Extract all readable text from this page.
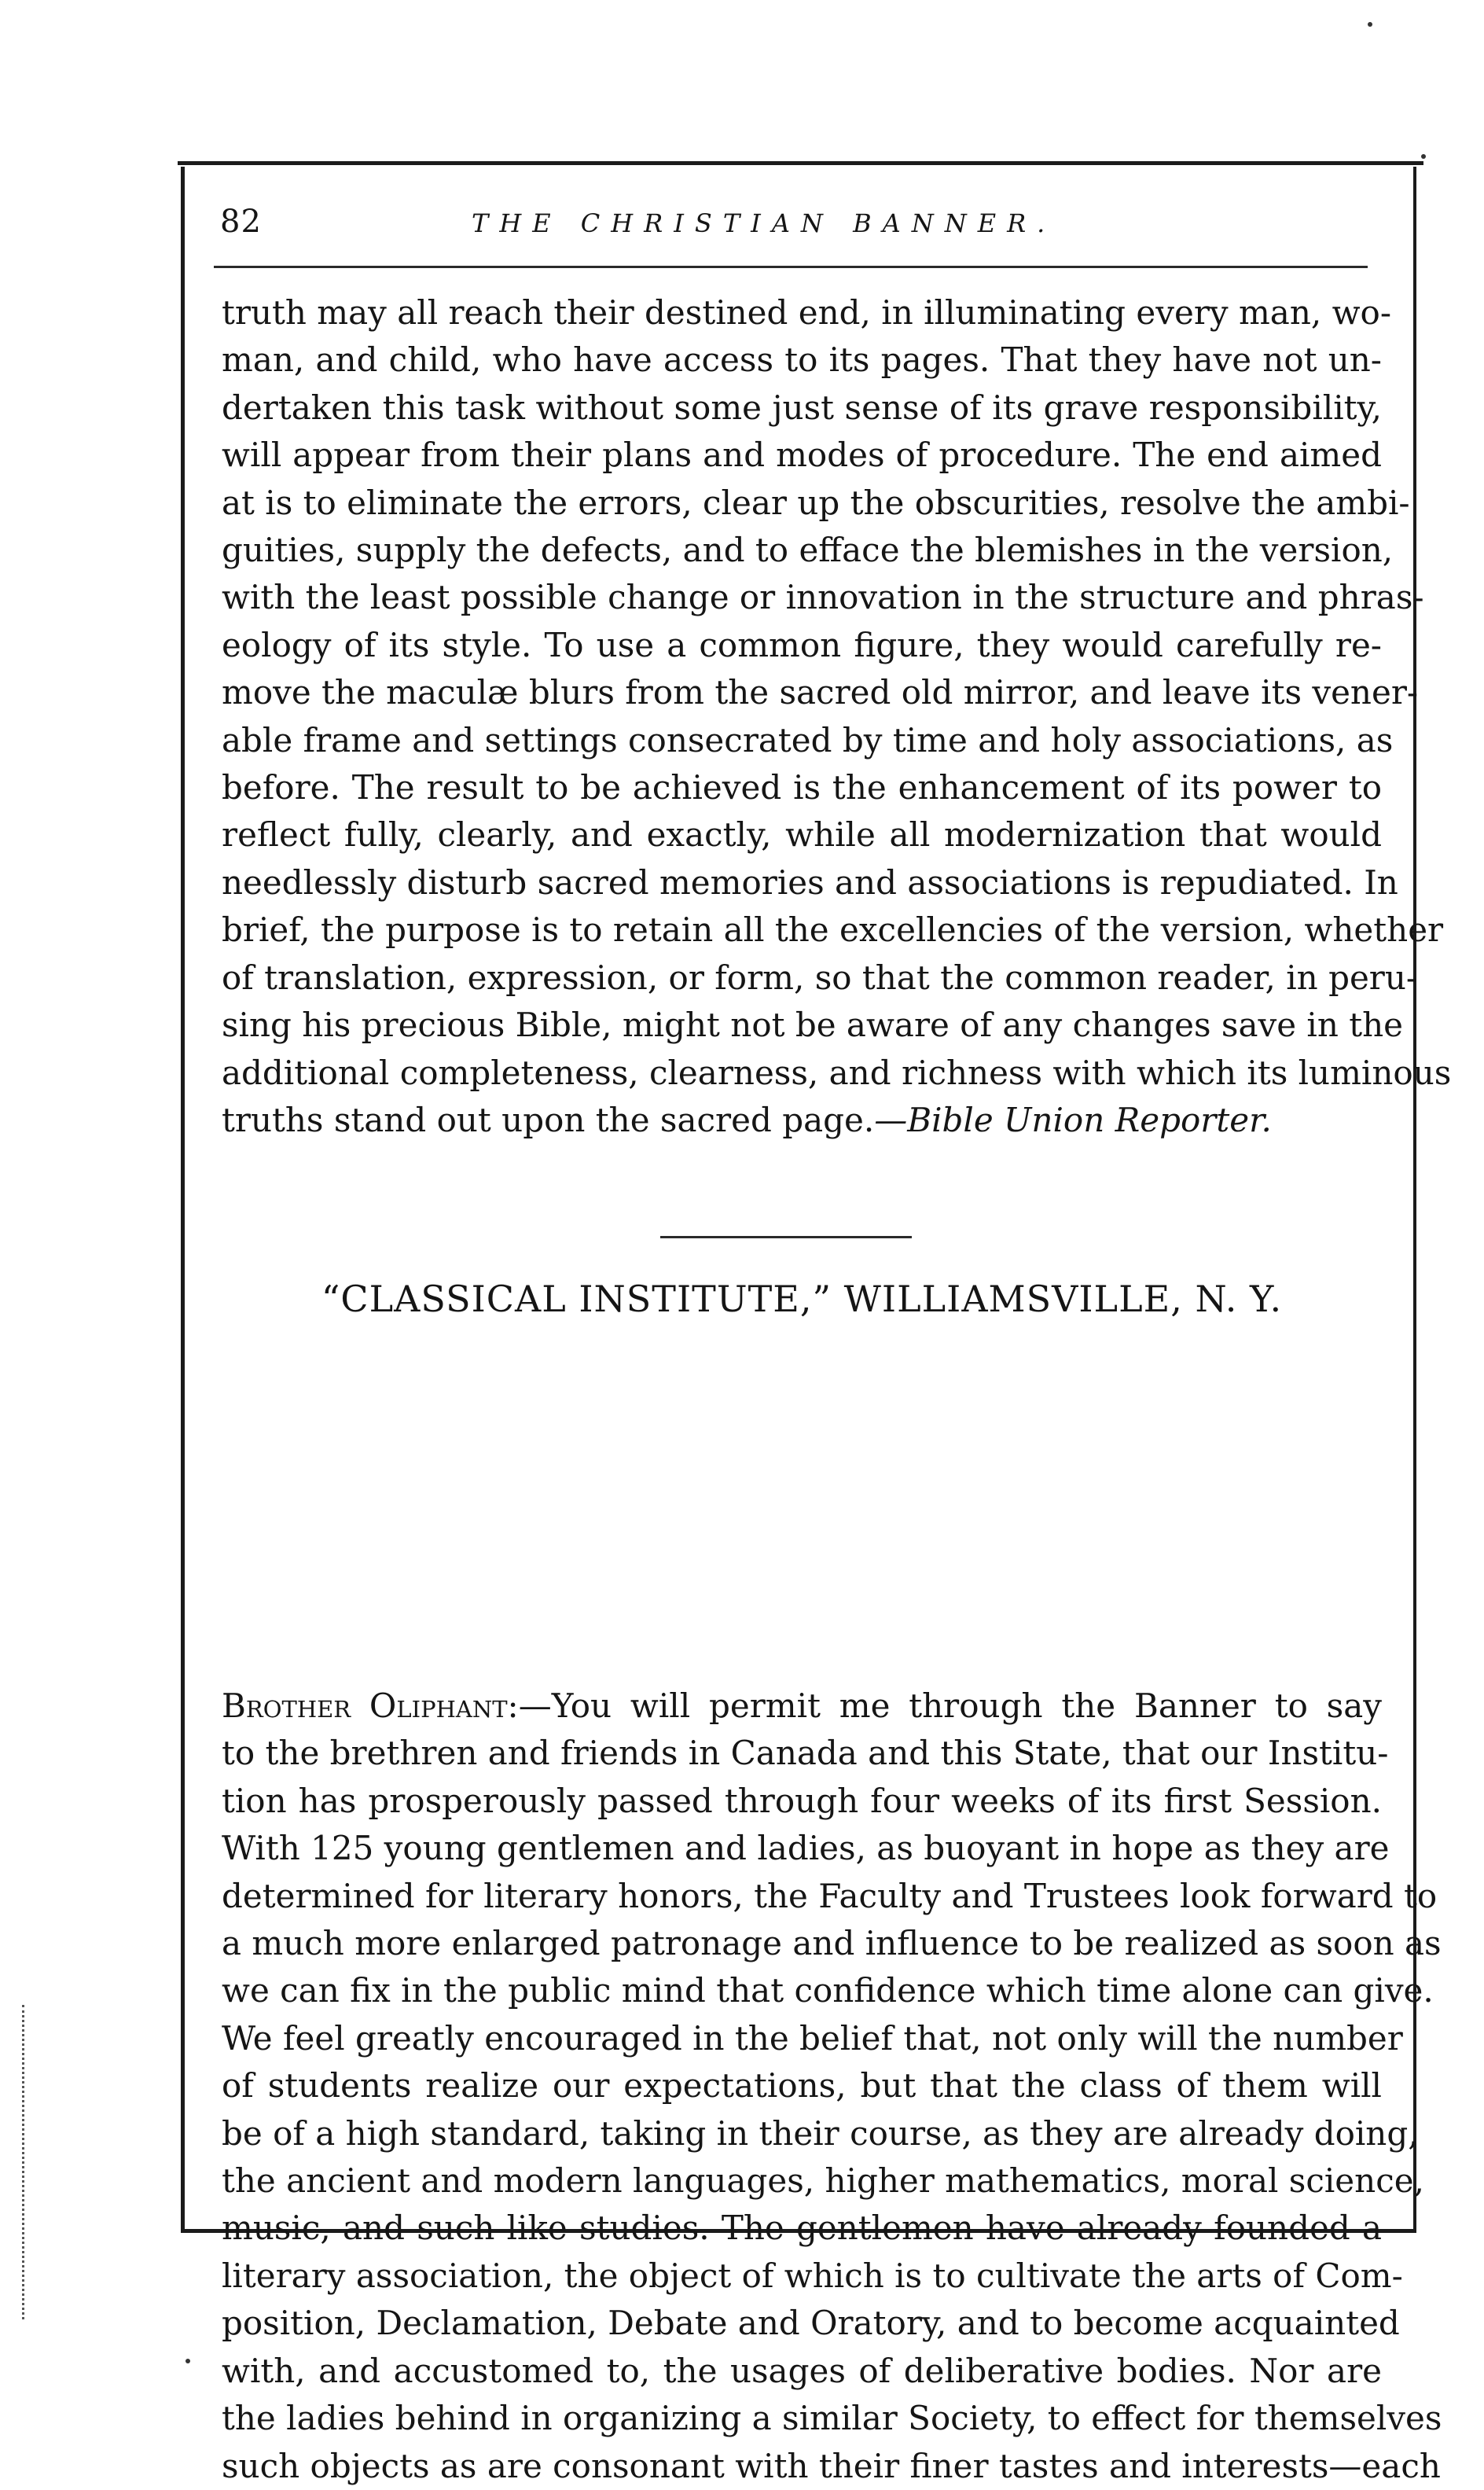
82	THE CHRISTIAN BANNER.
truth may all reach their destined end, in illuminating every man, wo-
man, and child, who have access to its pages. That they have not un-
dertaken this task without some just sense of its grave responsibility,
will appear from their plans and modes of procedure. The end aimed
at is to eliminate the errors, clear up the obscurities, resolve the ambi-
guities, supply the defects, and to efface the blemishes in the version,
with the least possible change or innovation in the structure and phras-
eology of its style. To use a common figure, they would carefully re-
move the maculæ blurs from the sacred old mirror, and leave its vener-
able frame and settings consecrated by time and holy associations, as
before. The result to be achieved is the enhancement of its power to
reflect fully, clearly, and exactly, while all modernization that would
needlessly disturb sacred memories and associations is repudiated. In
brief, the purpose is to retain all the excellencies of the version, whether
of translation, expression, or form, so that the common reader, in peru-
sing his precious Bible, might not be aware of any changes save in the
additional completeness, clearness, and richness with which its luminous
truths stand out upon the sacred page.—Bible Union Reporter.
“CLASSICAL INSTITUTE,” WILLIAMSVILLE, N. Y.
Brother Oliphant:—You will permit me through the Banner to say
to the brethren and friends in Canada and this State, that our Institu-
tion has prosperously passed through four weeks of its first Session.
With 125 young gentlemen and ladies, as buoyant in hope as they are
determined for literary honors, the Faculty and Trustees look forward to
a much more enlarged patronage and influence to be realized as soon as
we can fix in the public mind that confidence which time alone can give.
We feel greatly encouraged in the belief that, not only will the number
of students realize our expectations, but that the class of them will
be of a high standard, taking in their course, as they are already doing,
the ancient and modern languages, higher mathematics, moral science,
music, and such like studies. The gentlemen have already founded a
literary association, the object of which is to cultivate the arts of Com-
position, Declamation, Debate and Oratory, and to become acquainted
with, and accustomed to, the usages of deliberative bodies. Nor are
the ladies behind in organizing a similar Society, to effect for themselves
such objects as are consonant with their finer tastes and interests—each
